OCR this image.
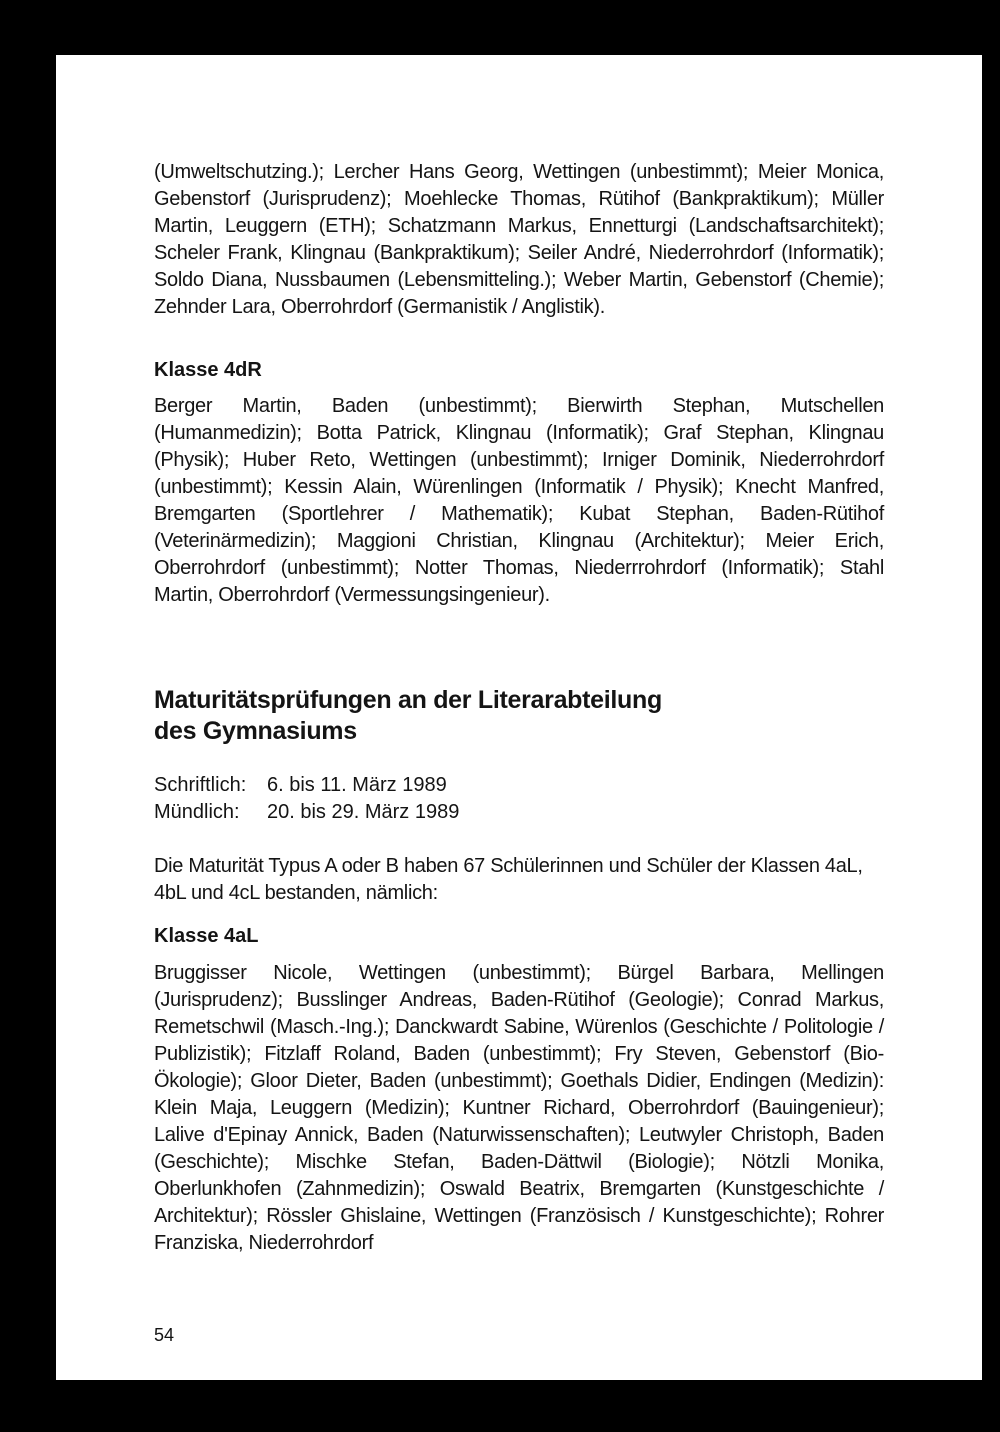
(Umweltschutzing.); Lercher Hans Georg, Wettingen (unbestimmt); Meier Monica, Gebenstorf (Jurisprudenz); Moehlecke Thomas, Rütihof (Bankpraktikum); Müller Martin, Leuggern (ETH); Schatzmann Markus, Ennetturgi (Landschaftsarchitekt); Scheler Frank, Klingnau (Bankpraktikum); Seiler André, Niederrohrdorf (Informatik); Soldo Diana, Nussbaumen (Lebensmitteling.); Weber Martin, Gebenstorf (Chemie); Zehnder Lara, Oberrohrdorf (Germanistik / Anglistik).

Klasse 4dR

Berger Martin, Baden (unbestimmt); Bierwirth Stephan, Mutschellen (Humanmedizin); Botta Patrick, Klingnau (Informatik); Graf Stephan, Klingnau (Physik); Huber Reto, Wettingen (unbestimmt); Irniger Dominik, Niederrohrdorf (unbestimmt); Kessin Alain, Würenlingen (Informatik / Physik); Knecht Manfred, Bremgarten (Sportlehrer / Mathematik); Kubat Stephan, Baden-Rütihof (Veterinärmedizin); Maggioni Christian, Klingnau (Architektur); Meier Erich, Oberrohrdorf (unbestimmt); Notter Thomas, Niederrrohrdorf (Informatik); Stahl Martin, Oberrohrdorf (Vermessungsingenieur).

Maturitätsprüfungen an der Literarabteilung
des Gymnasiums

Schriftlich:	6. bis 11. März 1989
Mündlich:	20. bis 29. März 1989

Die Maturität Typus A oder B haben 67 Schülerinnen und Schüler der Klassen 4aL, 4bL und 4cL bestanden, nämlich:

Klasse 4aL

Bruggisser Nicole, Wettingen (unbestimmt); Bürgel Barbara, Mellingen (Jurisprudenz); Busslinger Andreas, Baden-Rütihof (Geologie); Conrad Markus, Remetschwil (Masch.-Ing.); Danckwardt Sabine, Würenlos (Geschichte / Politologie / Publizistik); Fitzlaff Roland, Baden (unbestimmt); Fry Steven, Gebenstorf (Bio-Ökologie); Gloor Dieter, Baden (unbestimmt); Goethals Didier, Endingen (Medizin): Klein Maja, Leuggern (Medizin); Kuntner Richard, Oberrohrdorf (Bauingenieur); Lalive d'Epinay Annick, Baden (Naturwissenschaften); Leutwyler Christoph, Baden (Geschichte); Mischke Stefan, Baden-Dättwil (Biologie); Nötzli Monika, Oberlunkhofen (Zahnmedizin); Oswald Beatrix, Bremgarten (Kunstgeschichte / Architektur); Rössler Ghislaine, Wettingen (Französisch / Kunstgeschichte); Rohrer Franziska, Niederrohrdorf

54
